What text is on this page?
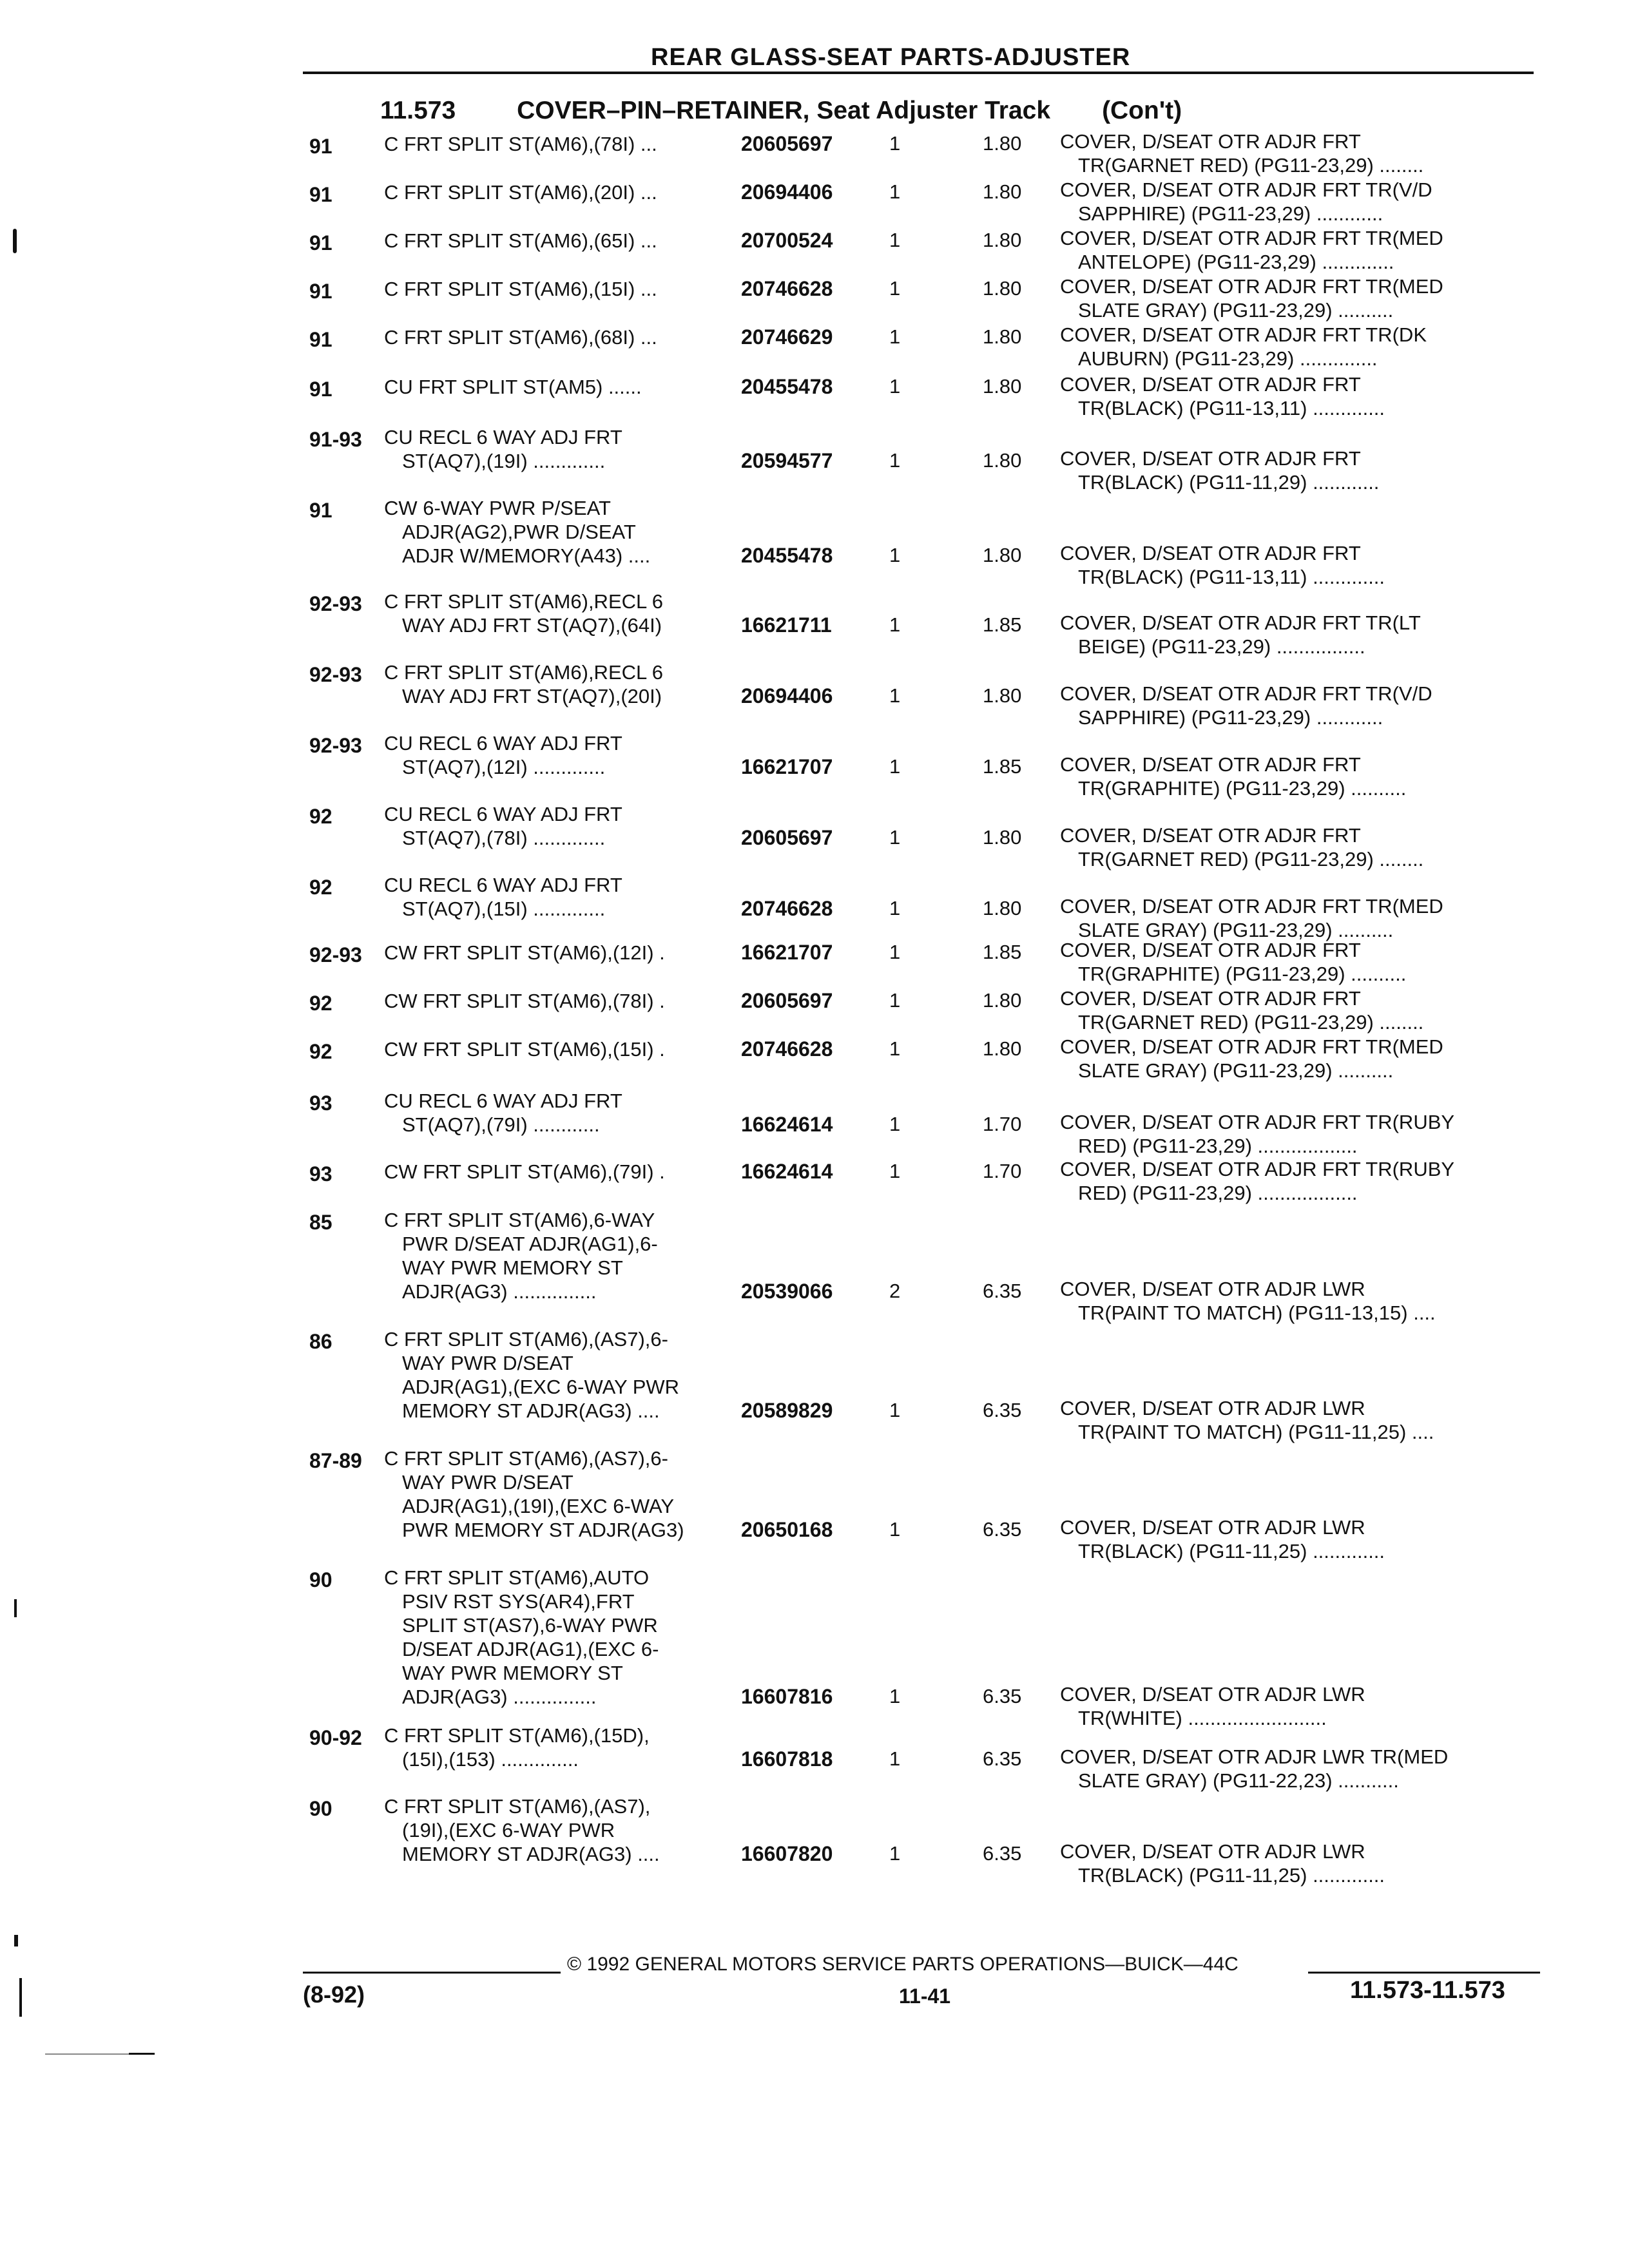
REAR GLASS-SEAT PARTS-ADJUSTER
11.573 COVER–PIN–RETAINER, Seat Adjuster Track (Con't)
91	C FRT SPLIT ST(AM6),(78I) ...	20605697	1	1.80	COVER, D/SEAT OTR ADJR FRT
TR(GARNET RED) (PG11-23,29) ........
91	C FRT SPLIT ST(AM6),(20I) ...	20694406	1	1.80	COVER, D/SEAT OTR ADJR FRT TR(V/D
SAPPHIRE) (PG11-23,29) ............
91	C FRT SPLIT ST(AM6),(65I) ...	20700524	1	1.80	COVER, D/SEAT OTR ADJR FRT TR(MED
ANTELOPE) (PG11-23,29) .............
91	C FRT SPLIT ST(AM6),(15I) ...	20746628	1	1.80	COVER, D/SEAT OTR ADJR FRT TR(MED
SLATE GRAY) (PG11-23,29) ..........
91	C FRT SPLIT ST(AM6),(68I) ...	20746629	1	1.80	COVER, D/SEAT OTR ADJR FRT TR(DK
AUBURN) (PG11-23,29) ..............
91	CU FRT SPLIT ST(AM5) ......	20455478	1	1.80	COVER, D/SEAT OTR ADJR FRT
TR(BLACK) (PG11-13,11) .............
91-93	CU RECL 6 WAY ADJ FRT
ST(AQ7),(19I) .............	20594577	1	1.80	COVER, D/SEAT OTR ADJR FRT
TR(BLACK) (PG11-11,29) ............
91	CW 6-WAY PWR P/SEAT
ADJR(AG2),PWR D/SEAT
ADJR W/MEMORY(A43) ....	20455478	1	1.80	COVER, D/SEAT OTR ADJR FRT
TR(BLACK) (PG11-13,11) .............
92-93	C FRT SPLIT ST(AM6),RECL 6
WAY ADJ FRT ST(AQ7),(64I)	16621711	1	1.85	COVER, D/SEAT OTR ADJR FRT TR(LT
BEIGE) (PG11-23,29) ................
92-93	C FRT SPLIT ST(AM6),RECL 6
WAY ADJ FRT ST(AQ7),(20I)	20694406	1	1.80	COVER, D/SEAT OTR ADJR FRT TR(V/D
SAPPHIRE) (PG11-23,29) ............
92-93	CU RECL 6 WAY ADJ FRT
ST(AQ7),(12I) .............	16621707	1	1.85	COVER, D/SEAT OTR ADJR FRT
TR(GRAPHITE) (PG11-23,29) ..........
92	CU RECL 6 WAY ADJ FRT
ST(AQ7),(78I) .............	20605697	1	1.80	COVER, D/SEAT OTR ADJR FRT
TR(GARNET RED) (PG11-23,29) ........
92	CU RECL 6 WAY ADJ FRT
ST(AQ7),(15I) .............	20746628	1	1.80	COVER, D/SEAT OTR ADJR FRT TR(MED
SLATE GRAY) (PG11-23,29) ..........
92-93	CW FRT SPLIT ST(AM6),(12I) .	16621707	1	1.85	COVER, D/SEAT OTR ADJR FRT
TR(GRAPHITE) (PG11-23,29) ..........
92	CW FRT SPLIT ST(AM6),(78I) .	20605697	1	1.80	COVER, D/SEAT OTR ADJR FRT
TR(GARNET RED) (PG11-23,29) ........
92	CW FRT SPLIT ST(AM6),(15I) .	20746628	1	1.80	COVER, D/SEAT OTR ADJR FRT TR(MED
SLATE GRAY) (PG11-23,29) ..........
93	CU RECL 6 WAY ADJ FRT
ST(AQ7),(79I) ............	16624614	1	1.70	COVER, D/SEAT OTR ADJR FRT TR(RUBY
RED) (PG11-23,29) ..................
93	CW FRT SPLIT ST(AM6),(79I) .	16624614	1	1.70	COVER, D/SEAT OTR ADJR FRT TR(RUBY
RED) (PG11-23,29) ..................
85	C FRT SPLIT ST(AM6),6-WAY
PWR D/SEAT ADJR(AG1),6-
WAY PWR MEMORY ST
ADJR(AG3) ...............	20539066	2	6.35	COVER, D/SEAT OTR ADJR LWR
TR(PAINT TO MATCH) (PG11-13,15) ....
86	C FRT SPLIT ST(AM6),(AS7),6-
WAY PWR D/SEAT
ADJR(AG1),(EXC 6-WAY PWR
MEMORY ST ADJR(AG3) ....	20589829	1	6.35	COVER, D/SEAT OTR ADJR LWR
TR(PAINT TO MATCH) (PG11-11,25) ....
87-89	C FRT SPLIT ST(AM6),(AS7),6-
WAY PWR D/SEAT
ADJR(AG1),(19I),(EXC 6-WAY
PWR MEMORY ST ADJR(AG3)	20650168	1	6.35	COVER, D/SEAT OTR ADJR LWR
TR(BLACK) (PG11-11,25) .............
90	C FRT SPLIT ST(AM6),AUTO
PSIV RST SYS(AR4),FRT
SPLIT ST(AS7),6-WAY PWR
D/SEAT ADJR(AG1),(EXC 6-
WAY PWR MEMORY ST
ADJR(AG3) ...............	16607816	1	6.35	COVER, D/SEAT OTR ADJR LWR
TR(WHITE) .........................
90-92	C FRT SPLIT ST(AM6),(15D),
(15I),(153) ..............	16607818	1	6.35	COVER, D/SEAT OTR ADJR LWR TR(MED
SLATE GRAY) (PG11-22,23) ...........
90	C FRT SPLIT ST(AM6),(AS7),
(19I),(EXC 6-WAY PWR
MEMORY ST ADJR(AG3) ....	16607820	1	6.35	COVER, D/SEAT OTR ADJR LWR
TR(BLACK) (PG11-11,25) .............
© 1992 GENERAL MOTORS SERVICE PARTS OPERATIONS—BUICK—44C
(8-92)	11-41	11.573-11.573
